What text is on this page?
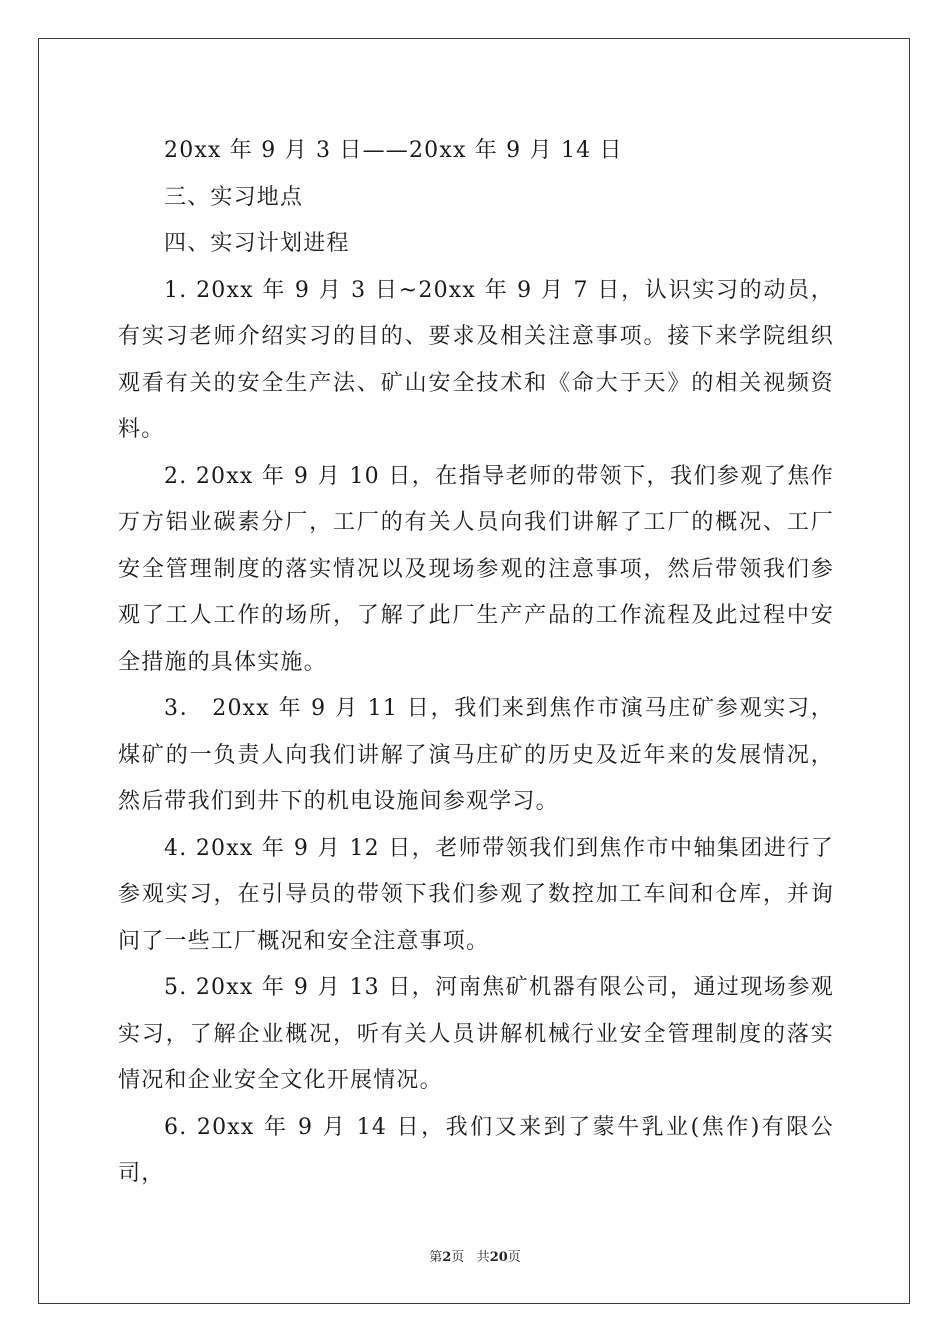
20xx 年 9 月 3 日——20xx 年 9 月 14 日

三、实习地点

四、实习计划进程

1. 20xx 年 9 月 3 日~20xx 年 9 月 7 日，认识实习的动员，有实习老师介绍实习的目的、要求及相关注意事项。接下来学院组织观看有关的安全生产法、矿山安全技术和《命大于天》的相关视频资料。

2. 20xx 年 9 月 10 日，在指导老师的带领下，我们参观了焦作万方铝业碳素分厂，工厂的有关人员向我们讲解了工厂的概况、工厂安全管理制度的落实情况以及现场参观的注意事项，然后带领我们参观了工人工作的场所，了解了此厂生产产品的工作流程及此过程中安全措施的具体实施。

3． 20xx 年 9 月 11 日，我们来到焦作市演马庄矿参观实习，煤矿的一负责人向我们讲解了演马庄矿的历史及近年来的发展情况，然后带我们到井下的机电设施间参观学习。

4. 20xx 年 9 月 12 日，老师带领我们到焦作市中轴集团进行了参观实习，在引导员的带领下我们参观了数控加工车间和仓库，并询问了一些工厂概况和安全注意事项。

5. 20xx 年 9 月 13 日，河南焦矿机器有限公司，通过现场参观实习，了解企业概况，听有关人员讲解机械行业安全管理制度的落实情况和企业安全文化开展情况。

6. 20xx 年 9 月 14 日，我们又来到了蒙牛乳业(焦作)有限公司，

第2页 共20页
